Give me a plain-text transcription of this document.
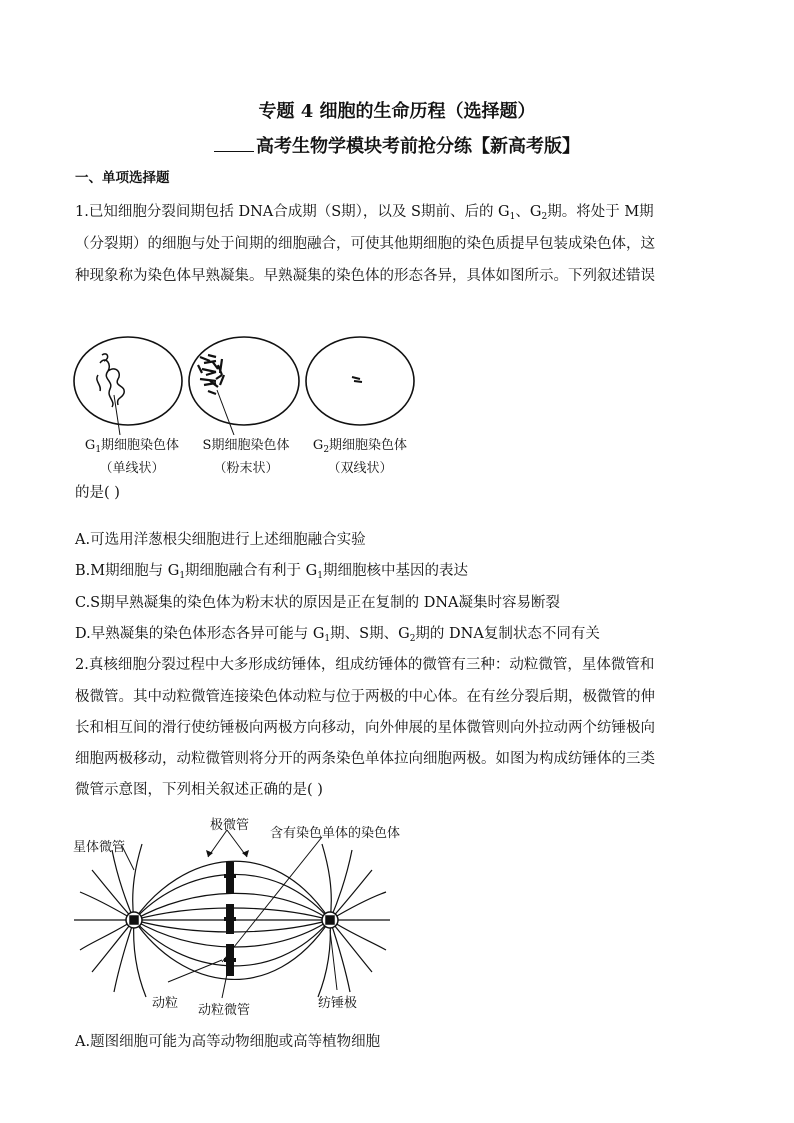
专题 4 细胞的生命历程（选择题）
高考生物学模块考前抢分练【新高考版】
一、单项选择题
1.已知细胞分裂间期包括 DNA合成期（S期），以及 S期前、后的 $G_1$、$G_2$期。将处于 M期
（分裂期）的细胞与处于间期的细胞融合，可使其他期细胞的染色质提早包装成染色体，这
种现象称为染色体早熟凝集。早熟凝集的染色体的形态各异，具体如图所示。下列叙述错误
$G_1$期细胞染色体
（单线状）
S期细胞染色体
（粉末状）
$G_2$期细胞染色体
（双线状）
的是( )
A.可选用洋葱根尖细胞进行上述细胞融合实验
B.M期细胞与 $G_1$期细胞融合有利于 $G_1$期细胞核中基因的表达
C.S期早熟凝集的染色体为粉末状的原因是正在复制的 DNA凝集时容易断裂
D.早熟凝集的染色体形态各异可能与 $G_1$期、S期、$G_2$期的 DNA复制状态不同有关
2.真核细胞分裂过程中大多形成纺锤体，组成纺锤体的微管有三种：动粒微管，星体微管和
极微管。其中动粒微管连接染色体动粒与位于两极的中心体。在有丝分裂后期，极微管的伸
长和相互间的滑行使纺锤极向两极方向移动，向外伸展的星体微管则向外拉动两个纺锤极向
细胞两极移动，动粒微管则将分开的两条染色单体拉向细胞两极。如图为构成纺锤体的三类
微管示意图，下列相关叙述正确的是( )
星体微管
极微管
含有染色单体的染色体
动粒 动粒微管	纺锤极
A.题图细胞可能为高等动物细胞或高等植物细胞
